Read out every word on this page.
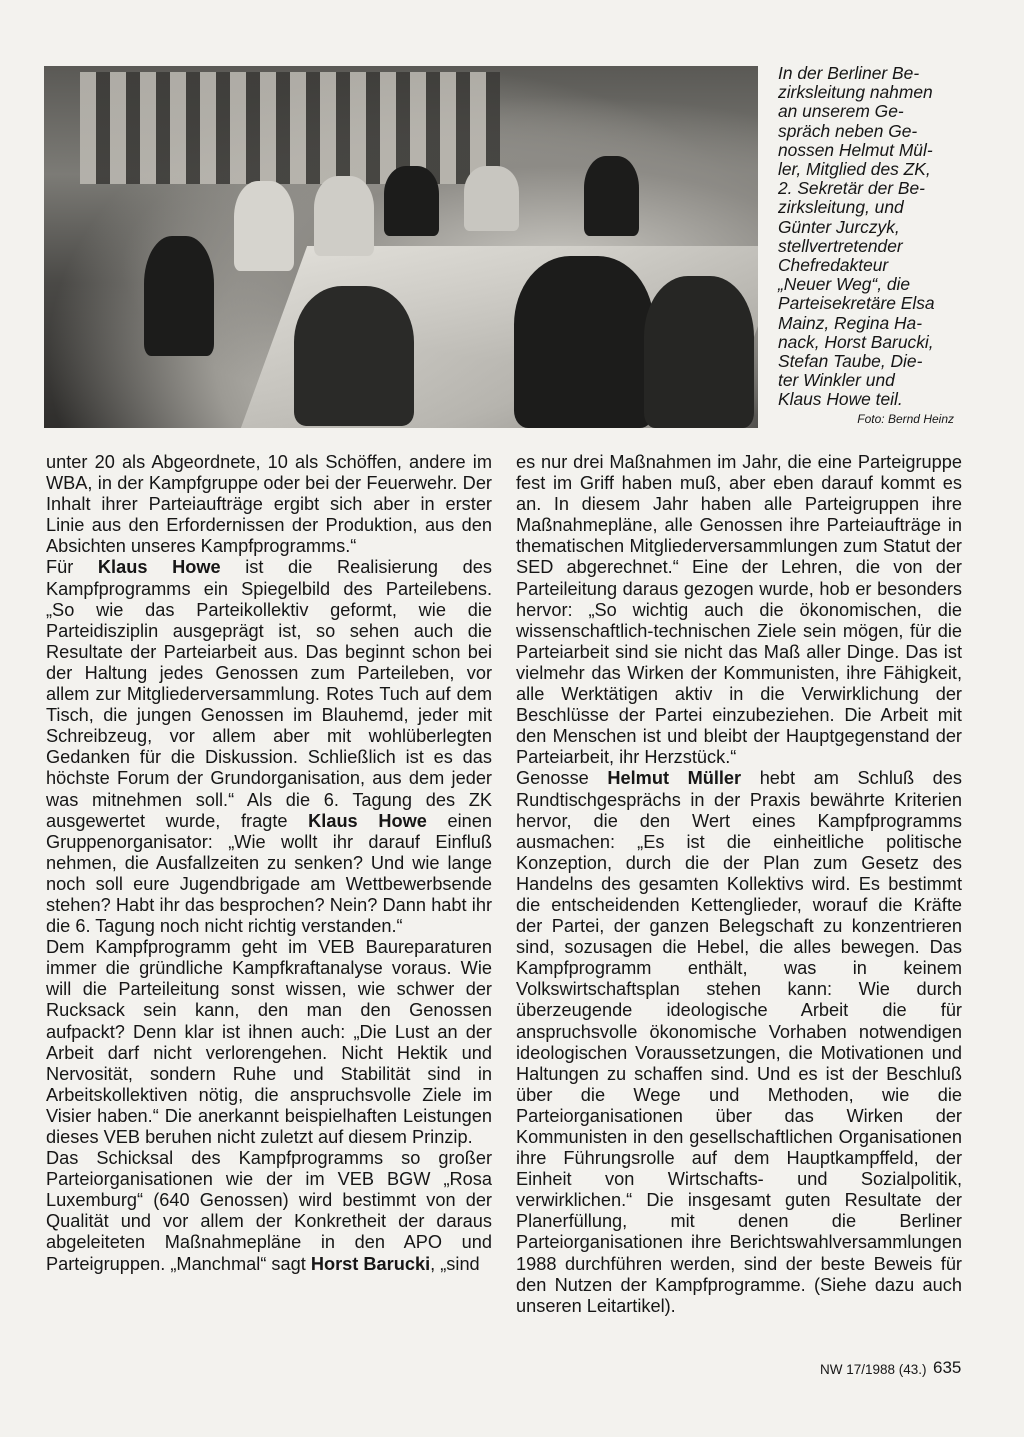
In der Berliner Be-
zirksleitung nahmen
an unserem Ge-
spräch neben Ge-
nossen Helmut Mül-
ler, Mitglied des ZK,
2. Sekretär der Be-
zirksleitung, und
Günter Jurczyk,
stellvertretender
Chefredakteur
„Neuer Weg“, die
Parteisekretäre Elsa
Mainz, Regina Ha-
nack, Horst Barucki,
Stefan Taube, Die-
ter Winkler und
Klaus Howe teil.

Foto: Bernd Heinz

unter 20 als Abgeordnete, 10 als Schöffen, andere im WBA, in der Kampfgruppe oder bei der Feuerwehr. Der Inhalt ihrer Parteiaufträge ergibt sich aber in erster Linie aus den Erfordernissen der Produktion, aus den Absichten unseres Kampfprogramms.“

Für Klaus Howe ist die Realisierung des Kampfprogramms ein Spiegelbild des Parteilebens. „So wie das Parteikollektiv geformt, wie die Parteidisziplin ausgeprägt ist, so sehen auch die Resultate der Parteiarbeit aus. Das beginnt schon bei der Haltung jedes Genossen zum Parteileben, vor allem zur Mitgliederversammlung. Rotes Tuch auf dem Tisch, die jungen Genossen im Blauhemd, jeder mit Schreibzeug, vor allem aber mit wohlüberlegten Gedanken für die Diskussion. Schließlich ist es das höchste Forum der Grundorganisation, aus dem jeder was mitnehmen soll.“ Als die 6. Tagung des ZK ausgewertet wurde, fragte Klaus Howe einen Gruppenorganisator: „Wie wollt ihr darauf Einfluß nehmen, die Ausfallzeiten zu senken? Und wie lange noch soll eure Jugendbrigade am Wettbewerbsende stehen? Habt ihr das besprochen? Nein? Dann habt ihr die 6. Tagung noch nicht richtig verstanden.“

Dem Kampfprogramm geht im VEB Baureparaturen immer die gründliche Kampfkraftanalyse voraus. Wie will die Parteileitung sonst wissen, wie schwer der Rucksack sein kann, den man den Genossen aufpackt? Denn klar ist ihnen auch: „Die Lust an der Arbeit darf nicht verlorengehen. Nicht Hektik und Nervosität, sondern Ruhe und Stabilität sind in Arbeitskollektiven nötig, die anspruchsvolle Ziele im Visier haben.“ Die anerkannt beispielhaften Leistungen dieses VEB beruhen nicht zuletzt auf diesem Prinzip.

Das Schicksal des Kampfprogramms so großer Parteiorganisationen wie der im VEB BGW „Rosa Luxemburg“ (640 Genossen) wird bestimmt von der Qualität und vor allem der Konkretheit der daraus abgeleiteten Maßnahmepläne in den APO und Parteigruppen. „Manchmal“ sagt Horst Barucki, „sind

es nur drei Maßnahmen im Jahr, die eine Parteigruppe fest im Griff haben muß, aber eben darauf kommt es an. In diesem Jahr haben alle Parteigruppen ihre Maßnahmepläne, alle Genossen ihre Parteiaufträge in thematischen Mitgliederversammlungen zum Statut der SED abgerechnet.“ Eine der Lehren, die von der Parteileitung daraus gezogen wurde, hob er besonders hervor: „So wichtig auch die ökonomischen, die wissenschaftlich-technischen Ziele sein mögen, für die Parteiarbeit sind sie nicht das Maß aller Dinge. Das ist vielmehr das Wirken der Kommunisten, ihre Fähigkeit, alle Werktätigen aktiv in die Verwirklichung der Beschlüsse der Partei einzubeziehen. Die Arbeit mit den Menschen ist und bleibt der Hauptgegenstand der Parteiarbeit, ihr Herzstück.“

Genosse Helmut Müller hebt am Schluß des Rundtischgesprächs in der Praxis bewährte Kriterien hervor, die den Wert eines Kampfprogramms ausmachen: „Es ist die einheitliche politische Konzeption, durch die der Plan zum Gesetz des Handelns des gesamten Kollektivs wird. Es bestimmt die entscheidenden Kettenglieder, worauf die Kräfte der Partei, der ganzen Belegschaft zu konzentrieren sind, sozusagen die Hebel, die alles bewegen. Das Kampfprogramm enthält, was in keinem Volkswirtschaftsplan stehen kann: Wie durch überzeugende ideologische Arbeit die für anspruchsvolle ökonomische Vorhaben notwendigen ideologischen Voraussetzungen, die Motivationen und Haltungen zu schaffen sind. Und es ist der Beschluß über die Wege und Methoden, wie die Parteiorganisationen über das Wirken der Kommunisten in den gesellschaftlichen Organisationen ihre Führungsrolle auf dem Hauptkampffeld, der Einheit von Wirtschafts- und Sozialpolitik, verwirklichen.“ Die insgesamt guten Resultate der Planerfüllung, mit denen die Berliner Parteiorganisationen ihre Berichtswahlversammlungen 1988 durchführen werden, sind der beste Beweis für den Nutzen der Kampfprogramme. (Siehe dazu auch unseren Leitartikel).

NW 17/1988 (43.) 635
